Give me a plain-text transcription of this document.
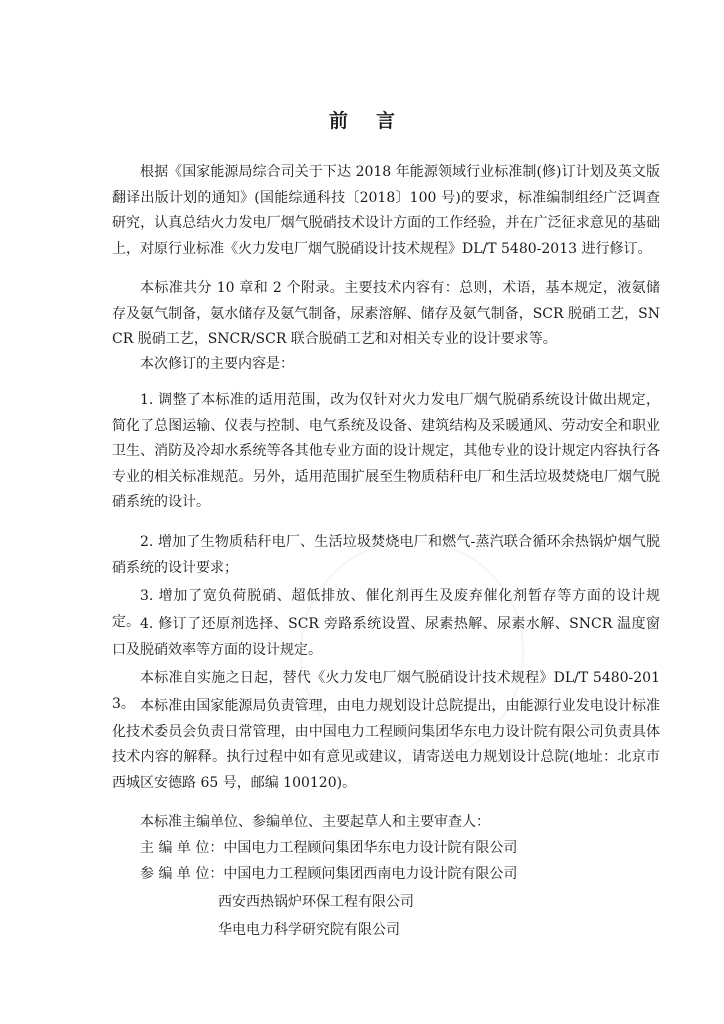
前言
根据《国家能源局综合司关于下达 2018 年能源领域行业标准制(修)订计划及英文版翻译出版计划的通知》(国能综通科技〔2018〕100 号)的要求，标准编制组经广泛调查研究，认真总结火力发电厂烟气脱硝技术设计方面的工作经验，并在广泛征求意见的基础上，对原行业标准《火力发电厂烟气脱硝设计技术规程》DL/T 5480-2013 进行修订。
本标准共分 10 章和 2 个附录。主要技术内容有：总则，术语，基本规定，液氨储存及氨气制备，氨水储存及氨气制备，尿素溶解、储存及氨气制备，SCR 脱硝工艺，SNCR 脱硝工艺，SNCR/SCR 联合脱硝工艺和对相关专业的设计要求等。
本次修订的主要内容是：
1. 调整了本标准的适用范围，改为仅针对火力发电厂烟气脱硝系统设计做出规定，简化了总图运输、仪表与控制、电气系统及设备、建筑结构及采暖通风、劳动安全和职业卫生、消防及冷却水系统等各其他专业方面的设计规定，其他专业的设计规定内容执行各专业的相关标准规范。另外，适用范围扩展至生物质秸秆电厂和生活垃圾焚烧电厂烟气脱硝系统的设计。
2. 增加了生物质秸秆电厂、生活垃圾焚烧电厂和燃气-蒸汽联合循环余热锅炉烟气脱硝系统的设计要求；
3. 增加了宽负荷脱硝、超低排放、催化剂再生及废弃催化剂暂存等方面的设计规定。 4. 修订了还原剂选择、SCR 旁路系统设置、尿素热解、尿素水解、SNCR 温度窗口及脱硝效率等方面的设计规定。
本标准自实施之日起，替代《火力发电厂烟气脱硝设计技术规程》DL/T 5480-2013。 本标准由国家能源局负责管理，由电力规划设计总院提出，由能源行业发电设计标准化技术委员会负责日常管理，由中国电力工程顾问集团华东电力设计院有限公司负责具体技术内容的解释。执行过程中如有意见或建议，请寄送电力规划设计总院(地址：北京市西城区安德路 65 号，邮编 100120)。
本标准主编单位、参编单位、主要起草人和主要审查人：
主 编 单 位：中国电力工程顾问集团华东电力设计院有限公司
参 编 单 位：中国电力工程顾问集团西南电力设计院有限公司
西安西热锅炉环保工程有限公司
华电电力科学研究院有限公司
